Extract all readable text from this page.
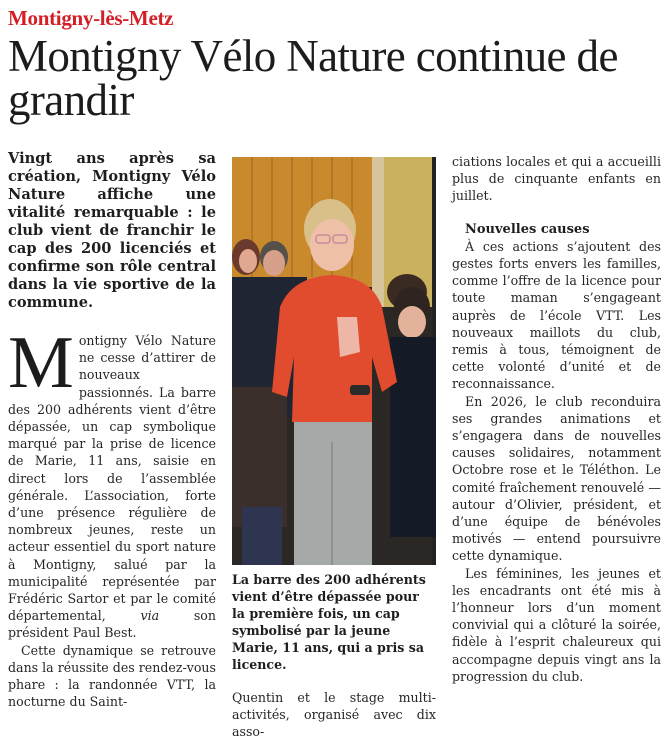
Montigny-lès-Metz
Montigny Vélo Nature continue de grandir

Vingt ans après sa création, Montigny Vélo Nature affiche une vitalité remarquable : le club vient de franchir le cap des 200 licenciés et confirme son rôle central dans la vie sportive de la commune.

Montigny Vélo Nature ne cesse d’attirer de nouveaux passionnés. La barre des 200 adhérents vient d’être dépassée, un cap symbolique marqué par la prise de licence de Marie, 11 ans, saisie en direct lors de l’assemblée générale. L’association, forte d’une présence régulière de nombreux jeunes, reste un acteur essentiel du sport nature à Montigny, salué par la municipalité représentée par Frédéric Sartor et par le comité départemental, via son président Paul Best.

Cette dynamique se retrouve dans la réussite des rendez-vous phare : la randonnée VTT, la nocturne du Saint-

La barre des 200 adhérents vient d’être dépassée pour la première fois, un cap symbolisé par la jeune Marie, 11 ans, qui a pris sa licence.

Quentin et le stage multi-activités, organisé avec dix asso-

ciations locales et qui a accueilli plus de cinquante enfants en juillet.

Nouvelles causes

À ces actions s’ajoutent des gestes forts envers les familles, comme l’offre de la licence pour toute maman s’engageant auprès de l’école VTT. Les nouveaux maillots du club, remis à tous, témoignent de cette volonté d’unité et de reconnaissance.

En 2026, le club reconduira ses grandes animations et s’engagera dans de nouvelles causes solidaires, notamment Octobre rose et le Téléthon. Le comité fraîchement renouvelé — autour d’Olivier, président, et d’une équipe de bénévoles motivés — entend poursuivre cette dynamique.

Les féminines, les jeunes et les encadrants ont été mis à l’honneur lors d’un moment convivial qui a clôturé la soirée, fidèle à l’esprit chaleureux qui accompagne depuis vingt ans la progression du club.
